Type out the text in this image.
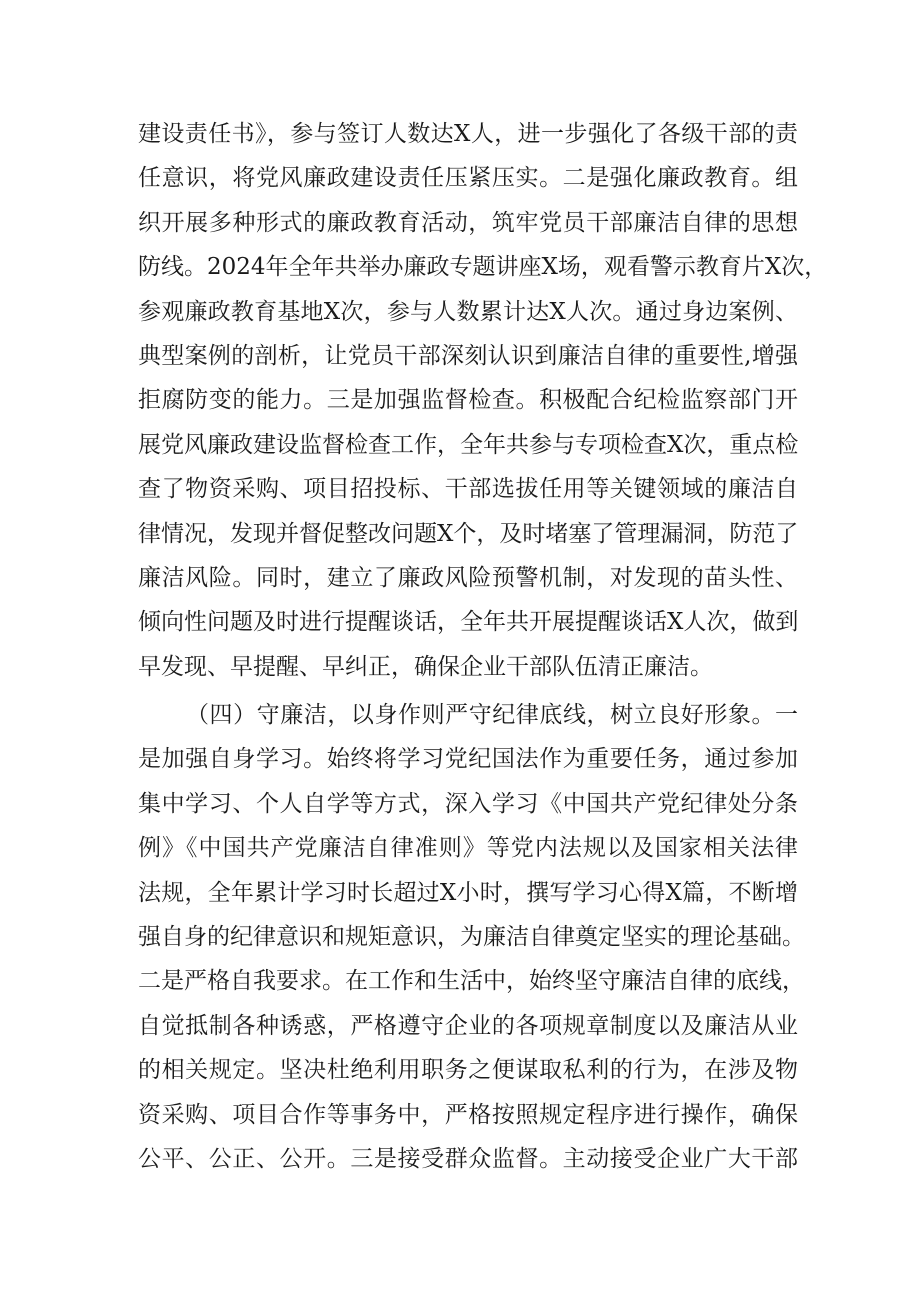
建设责任书》，参与签订人数达X人，进一步强化了各级干部的责
任意识，将党风廉政建设责任压紧压实。二是强化廉政教育。组
织开展多种形式的廉政教育活动，筑牢党员干部廉洁自律的思想
防线。2024年全年共举办廉政专题讲座X场，观看警示教育片X次，
参观廉政教育基地X次，参与人数累计达X人次。通过身边案例、
典型案例的剖析，让党员干部深刻认识到廉洁自律的重要性,增强
拒腐防变的能力。三是加强监督检查。积极配合纪检监察部门开
展党风廉政建设监督检查工作，全年共参与专项检查X次，重点检
查了物资采购、项目招投标、干部选拔任用等关键领域的廉洁自
律情况，发现并督促整改问题X个，及时堵塞了管理漏洞，防范了
廉洁风险。同时，建立了廉政风险预警机制，对发现的苗头性、
倾向性问题及时进行提醒谈话，全年共开展提醒谈话X人次，做到
早发现、早提醒、早纠正，确保企业干部队伍清正廉洁。
（四）守廉洁，以身作则严守纪律底线，树立良好形象。一
是加强自身学习。始终将学习党纪国法作为重要任务，通过参加
集中学习、个人自学等方式，深入学习《中国共产党纪律处分条
例》《中国共产党廉洁自律准则》等党内法规以及国家相关法律
法规，全年累计学习时长超过X小时，撰写学习心得X篇，不断增
强自身的纪律意识和规矩意识，为廉洁自律奠定坚实的理论基础。
二是严格自我要求。在工作和生活中，始终坚守廉洁自律的底线，
自觉抵制各种诱惑，严格遵守企业的各项规章制度以及廉洁从业
的相关规定。坚决杜绝利用职务之便谋取私利的行为，在涉及物
资采购、项目合作等事务中，严格按照规定程序进行操作，确保
公平、公正、公开。三是接受群众监督。主动接受企业广大干部
